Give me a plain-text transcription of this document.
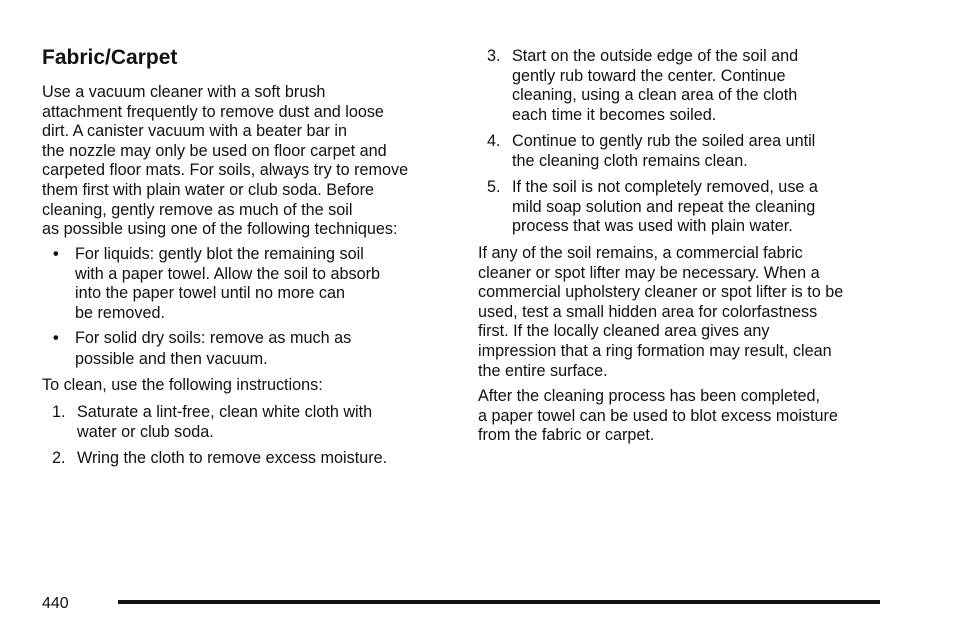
Fabric/Carpet

Use a vacuum cleaner with a soft brush
attachment frequently to remove dust and loose
dirt. A canister vacuum with a beater bar in
the nozzle may only be used on floor carpet and
carpeted floor mats. For soils, always try to remove
them first with plain water or club soda. Before
cleaning, gently remove as much of the soil
as possible using one of the following techniques:

• For liquids: gently blot the remaining soil
with a paper towel. Allow the soil to absorb
into the paper towel until no more can
be removed.
• For solid dry soils: remove as much as
possible and then vacuum.

To clean, use the following instructions:

1. Saturate a lint-free, clean white cloth with
water or club soda.
2. Wring the cloth to remove excess moisture.
3. Start on the outside edge of the soil and
gently rub toward the center. Continue
cleaning, using a clean area of the cloth
each time it becomes soiled.
4. Continue to gently rub the soiled area until
the cleaning cloth remains clean.
5. If the soil is not completely removed, use a
mild soap solution and repeat the cleaning
process that was used with plain water.

If any of the soil remains, a commercial fabric
cleaner or spot lifter may be necessary. When a
commercial upholstery cleaner or spot lifter is to be
used, test a small hidden area for colorfastness
first. If the locally cleaned area gives any
impression that a ring formation may result, clean
the entire surface.

After the cleaning process has been completed,
a paper towel can be used to blot excess moisture
from the fabric or carpet.

440
